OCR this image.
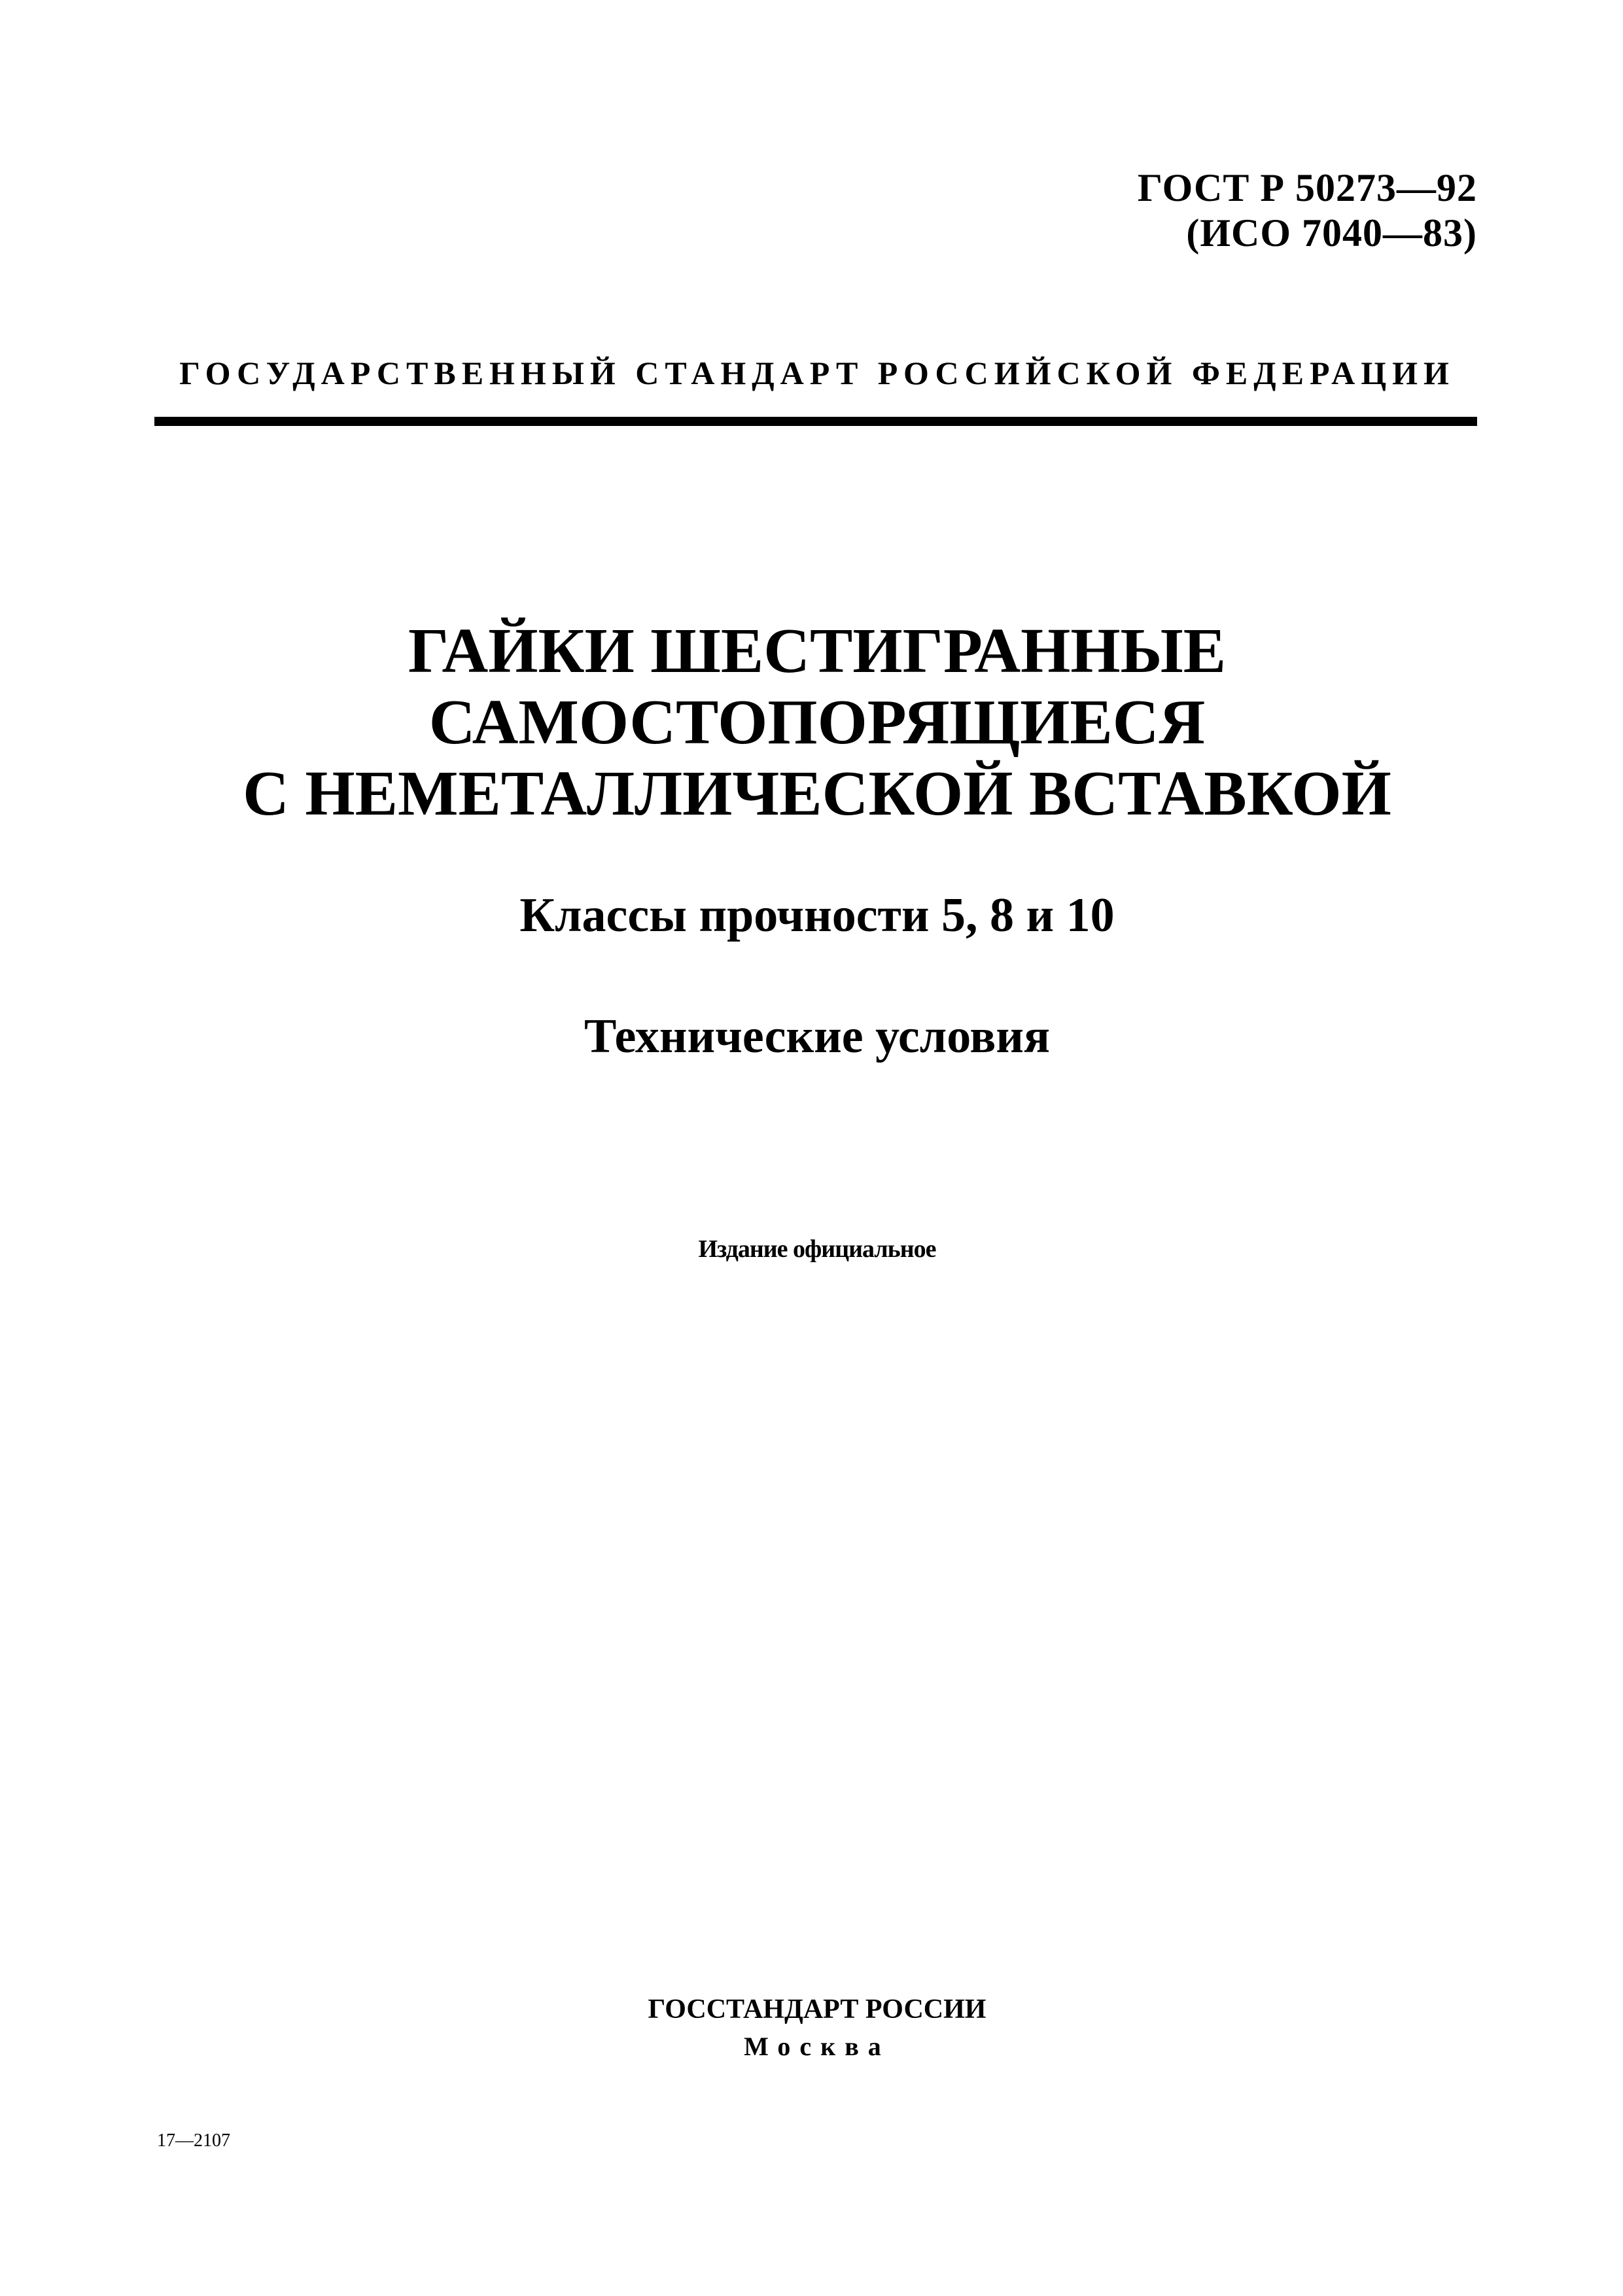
ГОСТ Р 50273—92
(ИСО 7040—83)
ГОСУДАРСТВЕННЫЙ СТАНДАРТ РОССИЙСКОЙ ФЕДЕРАЦИИ
ГАЙКИ ШЕСТИГРАННЫЕ
САМОСТОПОРЯЩИЕСЯ
С НЕМЕТАЛЛИЧЕСКОЙ ВСТАВКОЙ
Классы прочности 5, 8 и 10
Технические условия
Издание официальное
ГОССТАНДАРТ РОССИИ
Москва
17—2107
